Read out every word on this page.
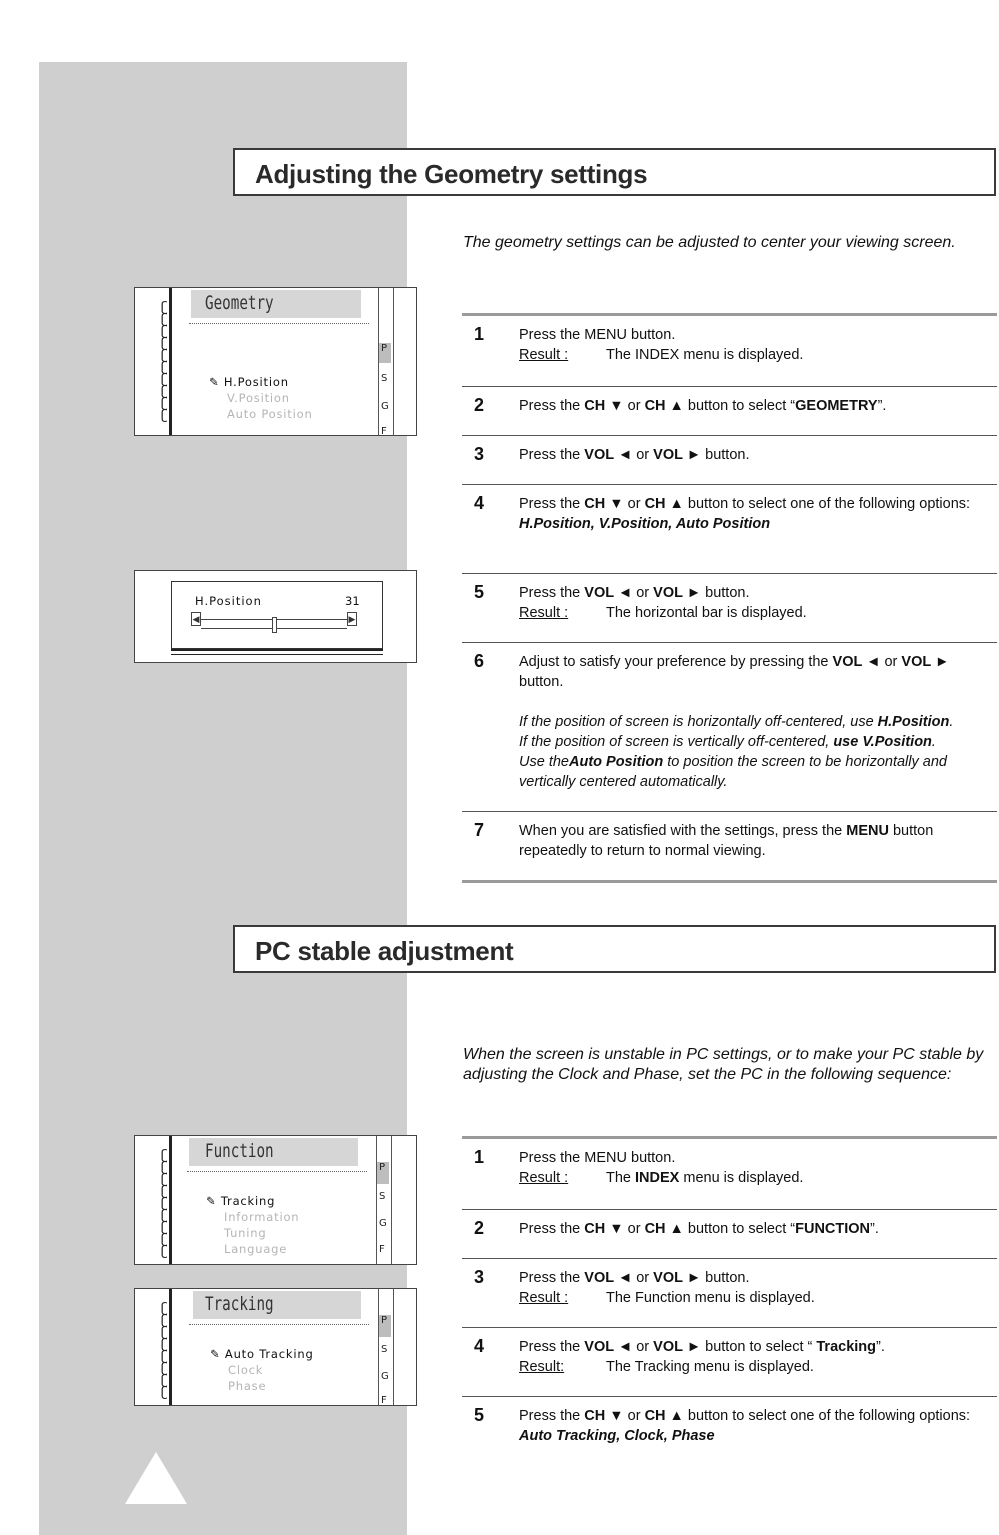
Adjusting the Geometry settings
The geometry settings can be adjusted to center your viewing screen.
ʗ
ʗ
ʗ
ʗ
ʗ
ʗ
ʗ
ʗ
ʗ
ʗ
Geometry
✎ H.Position
V.Position
Auto Position
P
S
G
F
H.Position	31
◀	▶
1 Press the MENU button.
Result :	The INDEX menu is displayed.
2 Press the CH ▼ or CH ▲ button to select “GEOMETRY”.
3 Press the VOL ◄ or VOL ► button.
4 Press the CH ▼ or CH ▲ button to select one of the following options:
H.Position, V.Position, Auto Position
5 Press the VOL ◄ or VOL ► button.
Result :	The horizontal bar is displayed.
6 Adjust to satisfy your preference by pressing the VOL ◄ or VOL ► button.
If the position of screen is horizontally off-centered, use H.Position.
If the position of screen is vertically off-centered, use V.Position.
Use theAuto Position to position the screen to be horizontally and vertically centered automatically.
7 When you are satisfied with the settings, press the MENU button repeatedly to return to normal viewing.
PC stable adjustment
When the screen is unstable in PC settings, or to make your PC stable by adjusting the Clock and Phase, set the PC in the following sequence:
ʗ
ʗ
ʗ
ʗ
ʗ
ʗ
ʗ
ʗ
ʗ
Function
✎ Tracking
Information
Tuning
Language
P
S
G
F
ʗ
ʗ
ʗ
ʗ
ʗ
ʗ
ʗ
ʗ
Tracking
✎ Auto Tracking
Clock
Phase
P
S
G
F
1 Press the MENU button.
Result :	The INDEX menu is displayed.
2 Press the CH ▼ or CH ▲ button to select “FUNCTION”.
3 Press the VOL ◄ or VOL ► button.
Result :	The Function menu is displayed.
4 Press the VOL ◄ or VOL ► button to select “ Tracking”.
Result:	The Tracking menu is displayed.
5 Press the CH ▼ or CH ▲ button to select one of the following options:
Auto Tracking, Clock, Phase
